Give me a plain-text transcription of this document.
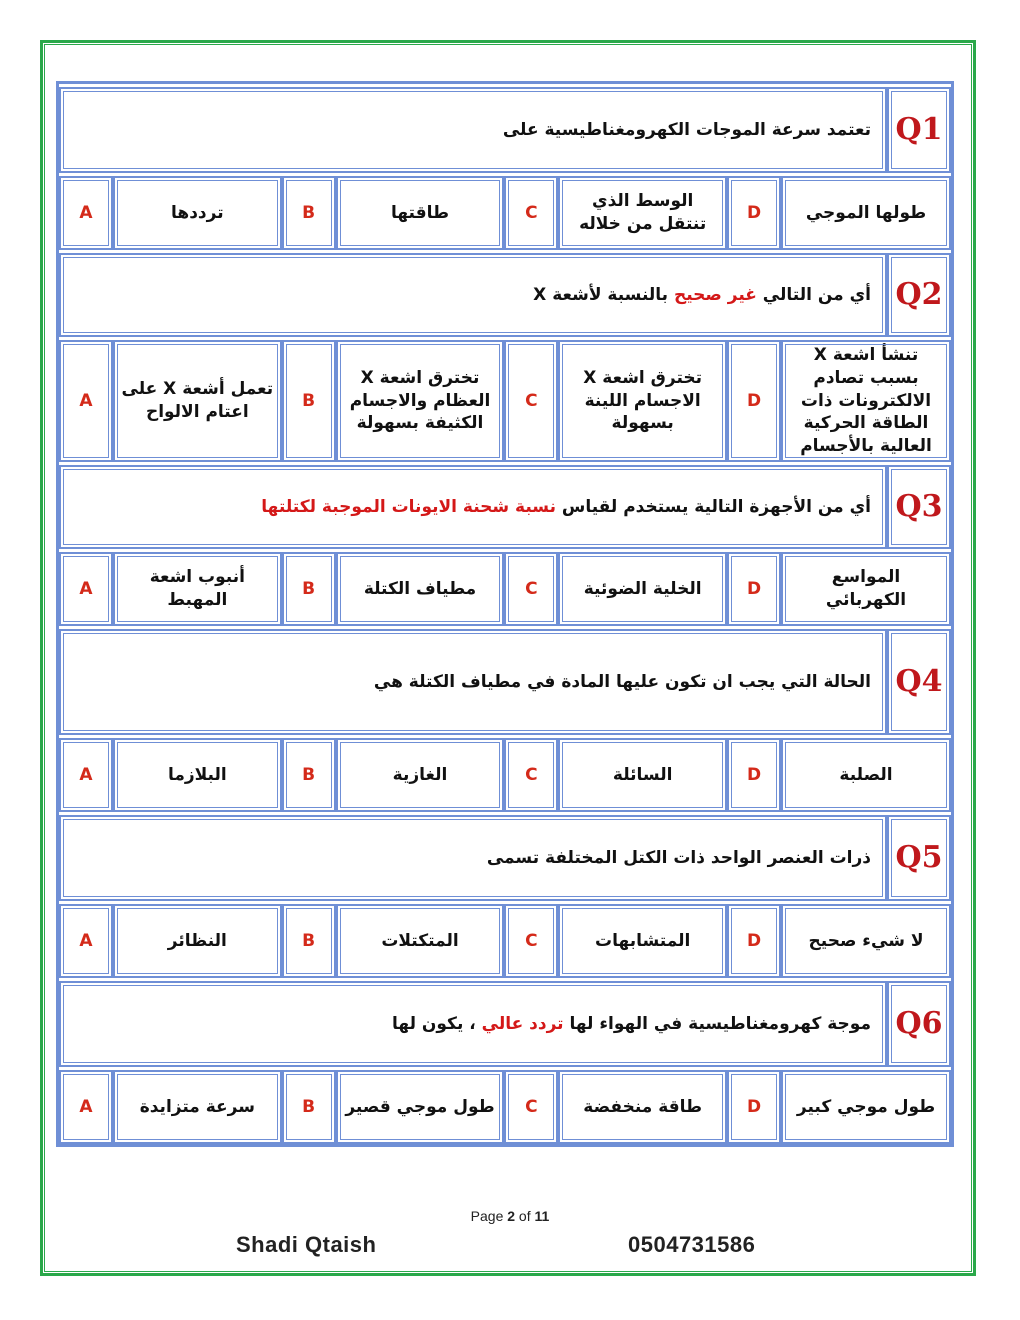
Q1
تعتمد سرعة الموجات الكهرومغناطيسية على
طولها الموجي
D
الوسط الذي تنتقل من خلاله
C
طاقتها
B
ترددها
A
Q2
أي من التالي غير صحيح بالنسبة لأشعة X
تنشأ اشعة X بسبب تصادم الالكترونات ذات الطاقة الحركية العالية بالأجسام
D
تخترق اشعة X الاجسام اللينة بسهولة
C
تخترق اشعة X العظام والاجسام الكثيفة بسهولة
B
تعمل أشعة X على اعتام الالواح
A
Q3
أي من الأجهزة التالية يستخدم لقياس نسبة شحنة الايونات الموجبة لكتلتها
المواسع الكهربائي
D
الخلية الضوئية
C
مطياف الكتلة
B
أنبوب اشعة المهبط
A
Q4
الحالة التي يجب ان تكون عليها المادة في مطياف الكتلة هي
الصلبة
D
السائلة
C
الغازية
B
البلازما
A
Q5
ذرات العنصر الواحد ذات الكتل المختلفة تسمى
لا شيء صحيح
D
المتشابهات
C
المتكتلات
B
النظائر
A
Q6
موجة كهرومغناطيسية في الهواء لها تردد عالي ، يكون لها
طول موجي كبير
D
طاقة منخفضة
C
طول موجي قصير
B
سرعة متزايدة
A
Page 2 of 11
Shadi Qtaish	0504731586
